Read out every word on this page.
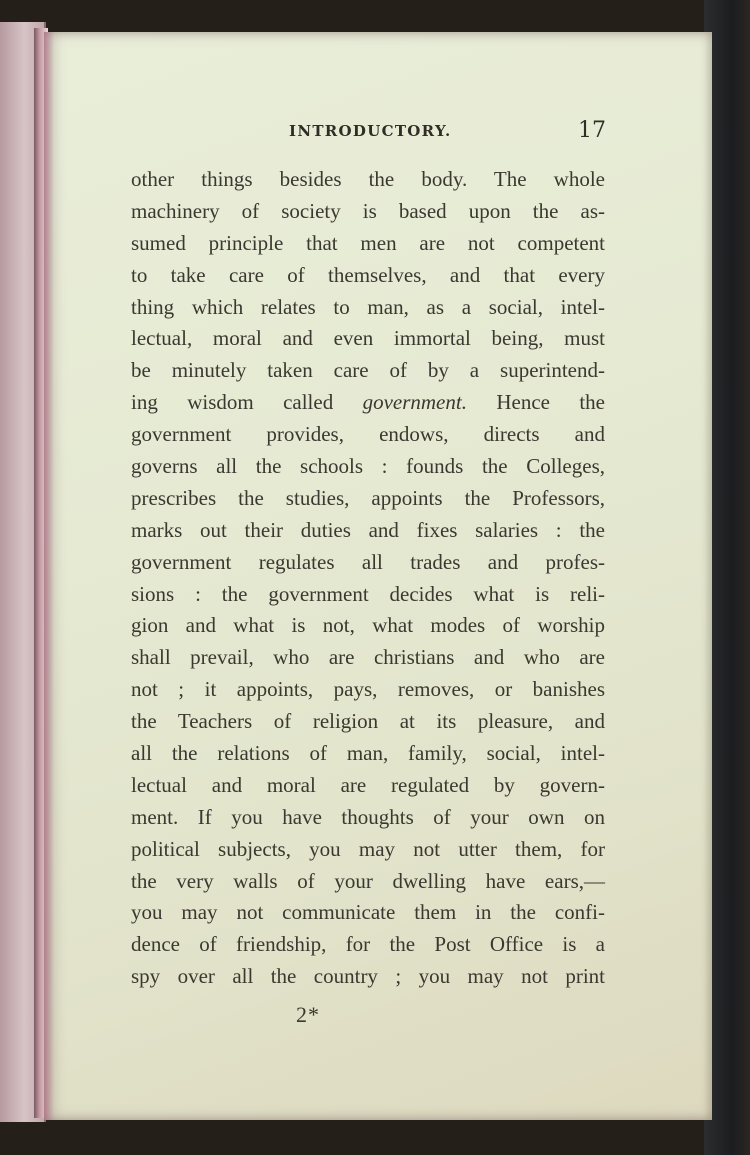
INTRODUCTORY.	17
other things besides the body. The whole
machinery of society is based upon the as-
sumed principle that men are not competent
to take care of themselves, and that every
thing which relates to man, as a social, intel-
lectual, moral and even immortal being, must
be minutely taken care of by a superintend-
ing wisdom called government. Hence the
government provides, endows, directs and
governs all the schools : founds the Colleges,
prescribes the studies, appoints the Professors,
marks out their duties and fixes salaries : the
government regulates all trades and profes-
sions : the government decides what is reli-
gion and what is not, what modes of worship
shall prevail, who are christians and who are
not ; it appoints, pays, removes, or banishes
the Teachers of religion at its pleasure, and
all the relations of man, family, social, intel-
lectual and moral are regulated by govern-
ment. If you have thoughts of your own on
political subjects, you may not utter them, for
the very walls of your dwelling have ears,—
you may not communicate them in the confi-
dence of friendship, for the Post Office is a
spy over all the country ; you may not print
2*
